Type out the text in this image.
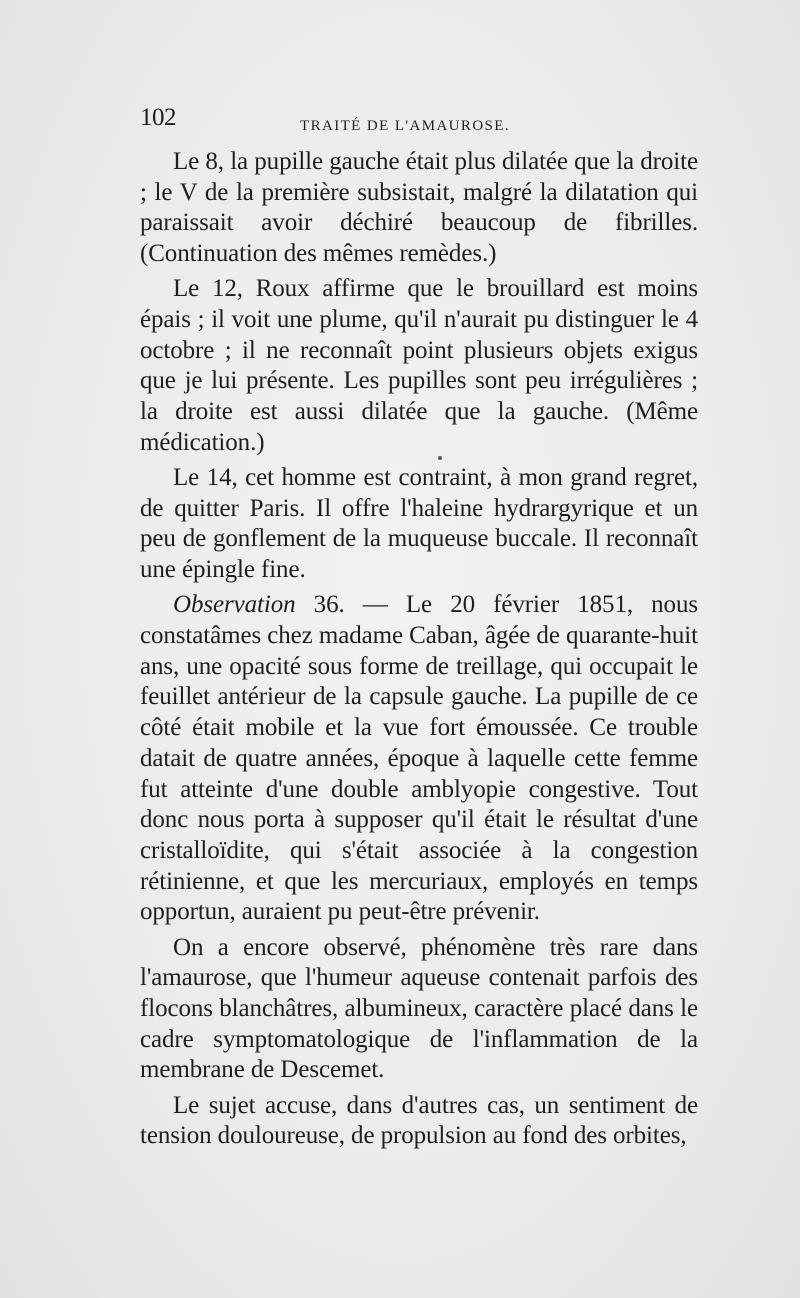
102	TRAITÉ DE L'AMAUROSE.

Le 8, la pupille gauche était plus dilatée que la droite ; le V de la première subsistait, malgré la dilatation qui paraissait avoir déchiré beaucoup de fibrilles. (Continuation des mêmes remèdes.)

Le 12, Roux affirme que le brouillard est moins épais ; il voit une plume, qu'il n'aurait pu distinguer le 4 octobre ; il ne reconnaît point plusieurs objets exigus que je lui présente. Les pupilles sont peu irrégulières ; la droite est aussi dilatée que la gauche. (Même médication.)

Le 14, cet homme est contraint, à mon grand regret, de quitter Paris. Il offre l'haleine hydrargyrique et un peu de gonflement de la muqueuse buccale. Il reconnaît une épingle fine.

Observation 36. — Le 20 février 1851, nous constatâmes chez madame Caban, âgée de quarante-huit ans, une opacité sous forme de treillage, qui occupait le feuillet antérieur de la capsule gauche. La pupille de ce côté était mobile et la vue fort émoussée. Ce trouble datait de quatre années, époque à laquelle cette femme fut atteinte d'une double amblyopie congestive. Tout donc nous porta à supposer qu'il était le résultat d'une cristalloïdite, qui s'était associée à la congestion rétinienne, et que les mercuriaux, employés en temps opportun, auraient pu peut-être prévenir.

On a encore observé, phénomène très rare dans l'amaurose, que l'humeur aqueuse contenait parfois des flocons blanchâtres, albumineux, caractère placé dans le cadre symptomatologique de l'inflammation de la membrane de Descemet.

Le sujet accuse, dans d'autres cas, un sentiment de tension douloureuse, de propulsion au fond des orbites,
